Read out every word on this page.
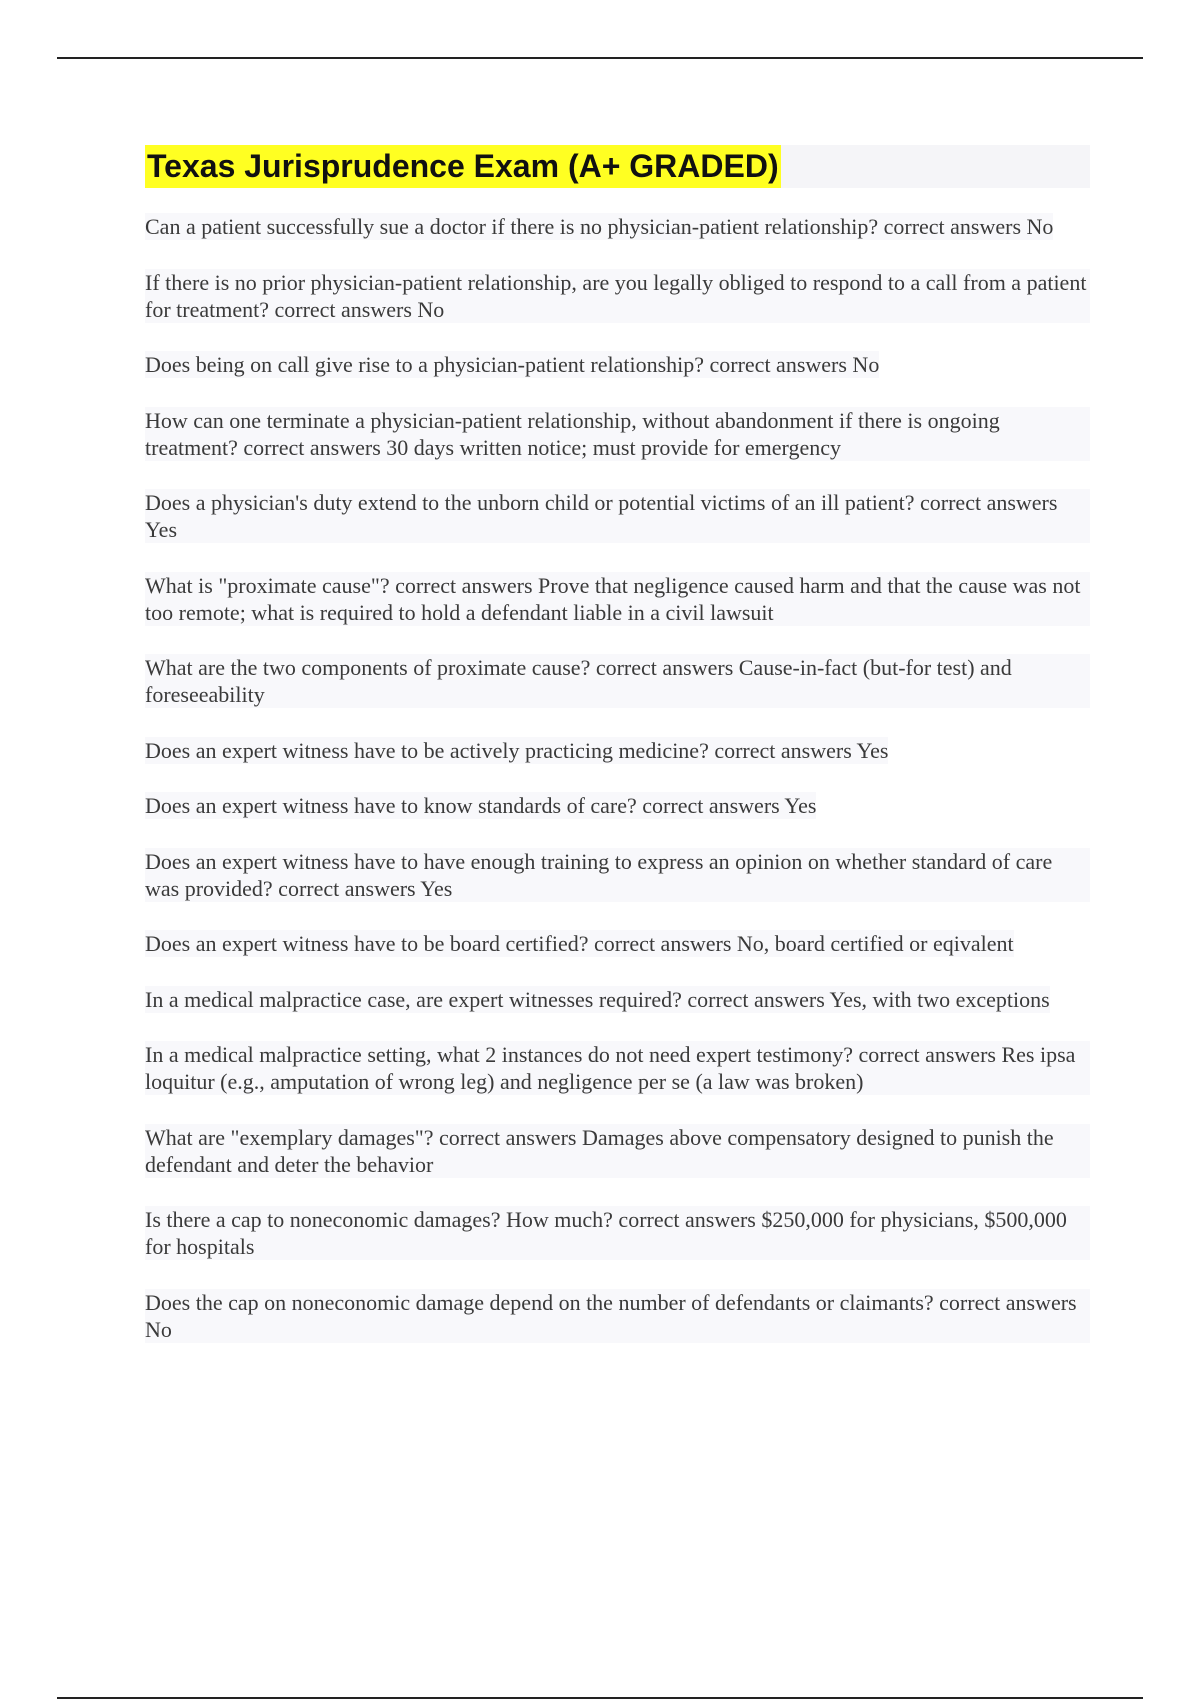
Texas Jurisprudence Exam (A+ GRADED)

Can a patient successfully sue a doctor if there is no physician-patient relationship? correct answers No

If there is no prior physician-patient relationship, are you legally obliged to respond to a call from a patient for treatment? correct answers No

Does being on call give rise to a physician-patient relationship? correct answers No

How can one terminate a physician-patient relationship, without abandonment if there is ongoing treatment? correct answers 30 days written notice; must provide for emergency

Does a physician's duty extend to the unborn child or potential victims of an ill patient? correct answers Yes

What is "proximate cause"? correct answers Prove that negligence caused harm and that the cause was not too remote; what is required to hold a defendant liable in a civil lawsuit

What are the two components of proximate cause? correct answers Cause-in-fact (but-for test) and foreseeability

Does an expert witness have to be actively practicing medicine? correct answers Yes

Does an expert witness have to know standards of care? correct answers Yes

Does an expert witness have to have enough training to express an opinion on whether standard of care was provided? correct answers Yes

Does an expert witness have to be board certified? correct answers No, board certified or eqivalent

In a medical malpractice case, are expert witnesses required? correct answers Yes, with two exceptions

In a medical malpractice setting, what 2 instances do not need expert testimony? correct answers Res ipsa loquitur (e.g., amputation of wrong leg) and negligence per se (a law was broken)

What are "exemplary damages"? correct answers Damages above compensatory designed to punish the defendant and deter the behavior

Is there a cap to noneconomic damages? How much? correct answers $250,000 for physicians, $500,000 for hospitals

Does the cap on noneconomic damage depend on the number of defendants or claimants? correct answers No
